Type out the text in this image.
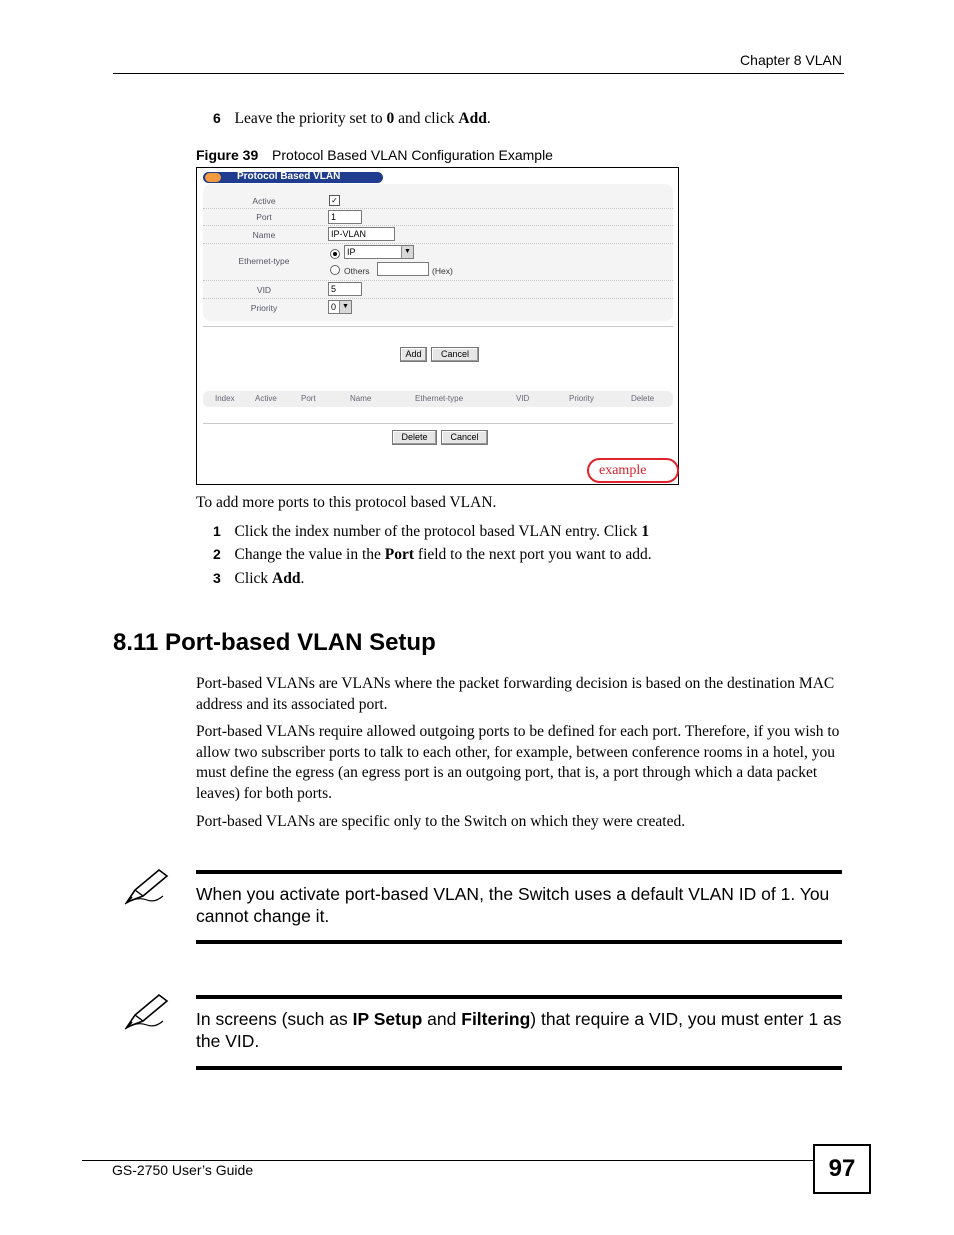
Chapter 8 VLAN
6 Leave the priority set to 0 and click Add.
Figure 39 Protocol Based VLAN Configuration Example
Protocol Based VLAN
Active	✓
Port	1
Name	IP-VLAN
Ethernet-type
IP	▼
Others	(Hex)
VID	5
Priority	0 ▼
Add	Cancel
Index	Active	Port	Name	Ethernet-type	VID	Priority	Delete
Delete	Cancel
example
To add more ports to this protocol based VLAN.
1 Click the index number of the protocol based VLAN entry. Click 1
2 Change the value in the Port field to the next port you want to add.
3 Click Add.
8.11 Port-based VLAN Setup
Port-based VLANs are VLANs where the packet forwarding decision is based on the destination MAC address and its associated port.
Port-based VLANs require allowed outgoing ports to be defined for each port. Therefore, if you wish to allow two subscriber ports to talk to each other, for example, between conference rooms in a hotel, you must define the egress (an egress port is an outgoing port, that is, a port through which a data packet leaves) for both ports.
Port-based VLANs are specific only to the Switch on which they were created.
When you activate port-based VLAN, the Switch uses a default VLAN ID of 1. You cannot change it.
In screens (such as IP Setup and Filtering) that require a VID, you must enter 1 as the VID.
GS-2750 User’s Guide	97
